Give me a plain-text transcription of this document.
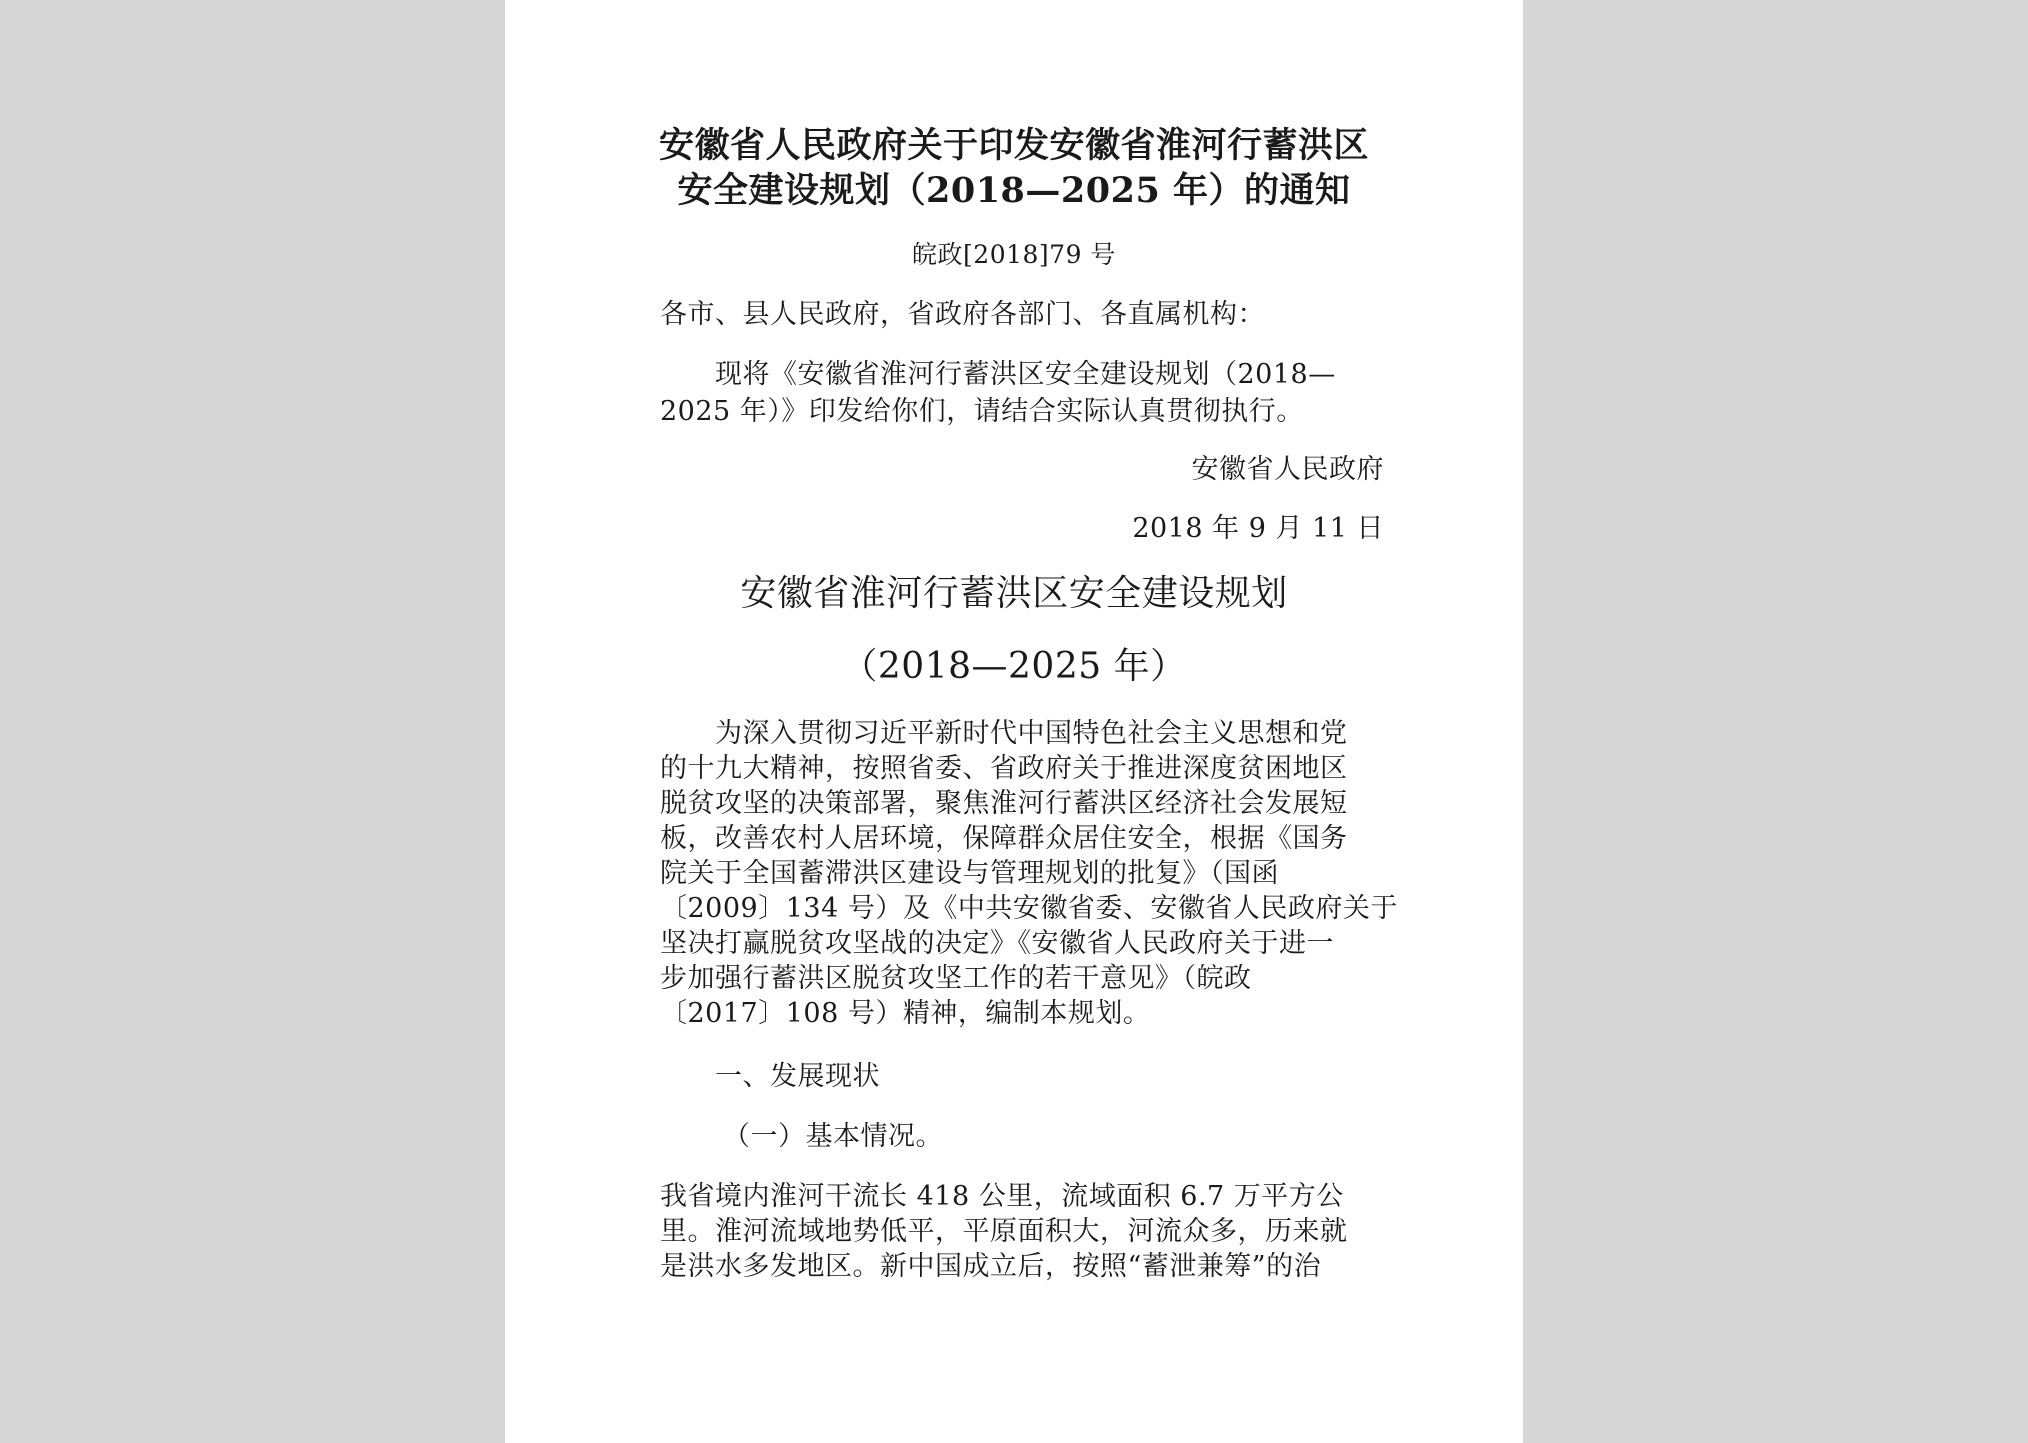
安徽省人民政府关于印发安徽省淮河行蓄洪区
安全建设规划（2018—2025 年）的通知
皖政[2018]79 号
各市、县人民政府，省政府各部门、各直属机构：
现将《安徽省淮河行蓄洪区安全建设规划（2018—
2025 年）》印发给你们，请结合实际认真贯彻执行。
安徽省人民政府
2018 年 9 月 11 日
安徽省淮河行蓄洪区安全建设规划
（2018—2025 年）
为深入贯彻习近平新时代中国特色社会主义思想和党
的十九大精神，按照省委、省政府关于推进深度贫困地区
脱贫攻坚的决策部署，聚焦淮河行蓄洪区经济社会发展短
板，改善农村人居环境，保障群众居住安全，根据《国务
院关于全国蓄滞洪区建设与管理规划的批复》（国函
〔2009〕134 号）及《中共安徽省委、安徽省人民政府关于
坚决打赢脱贫攻坚战的决定》《安徽省人民政府关于进一
步加强行蓄洪区脱贫攻坚工作的若干意见》（皖政
〔2017〕108 号）精神，编制本规划。
一、发展现状
（一）基本情况。
我省境内淮河干流长 418 公里，流域面积 6.7 万平方公
里。淮河流域地势低平，平原面积大，河流众多，历来就
是洪水多发地区。新中国成立后，按照“蓄泄兼筹”的治
